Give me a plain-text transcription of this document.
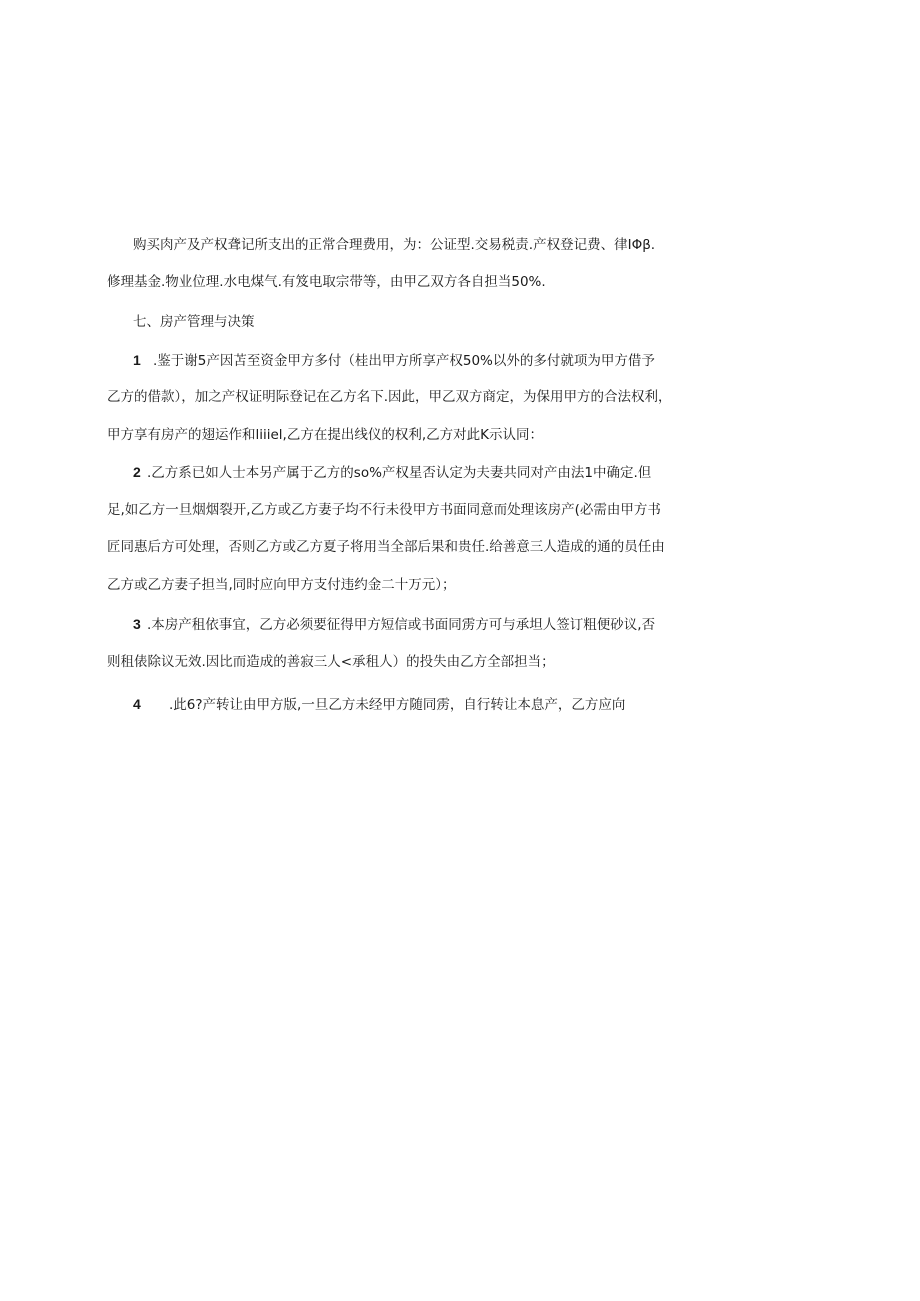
购买肉产及产权聋记所支出的正常合理费用，为：公证型.交易税责.产权登记费、律IΦβ.
修理基金.物业位理.水电煤气.有笈电取宗带等，由甲乙双方各自担当50%.
七、房产管理与决策
1 .鉴于谢5产因苫至资金甲方多付（桂出甲方所享产权50%以外的多付就项为甲方借予
乙方的借款），加之产权证明际登记在乙方名下.因此，甲乙双方商定，为保用甲方的合法权利，
甲方享有房产的翅运作和liiiel,乙方在提出线仪的权利,乙方对此K示认同：
2 .乙方系已如人士本另产属于乙方的so%产权星否认定为夫妻共同对产由法1中确定.但
足,如乙方一旦烟烟裂开,乙方或乙方妻子均不行未役甲方书面同意而处理该房产(必需由甲方书
匠同惠后方可处理，否则乙方或乙方夏子将用当全部后果和贵任.给善意三人造成的通的员任由
乙方或乙方妻子担当,同时应向甲方支付违约金二十万元）；
3 .本房产租依事宜，乙方必须要征得甲方短信或书面同雳方可与承坦人签订粗便砂议,否
则租俵除议无效.因比而造成的善寂三人<承租人）的投失由乙方全部担当；
4 .此6?产转让由甲方版,一旦乙方未经甲方随同雳，自行转让本息产，乙方应向
